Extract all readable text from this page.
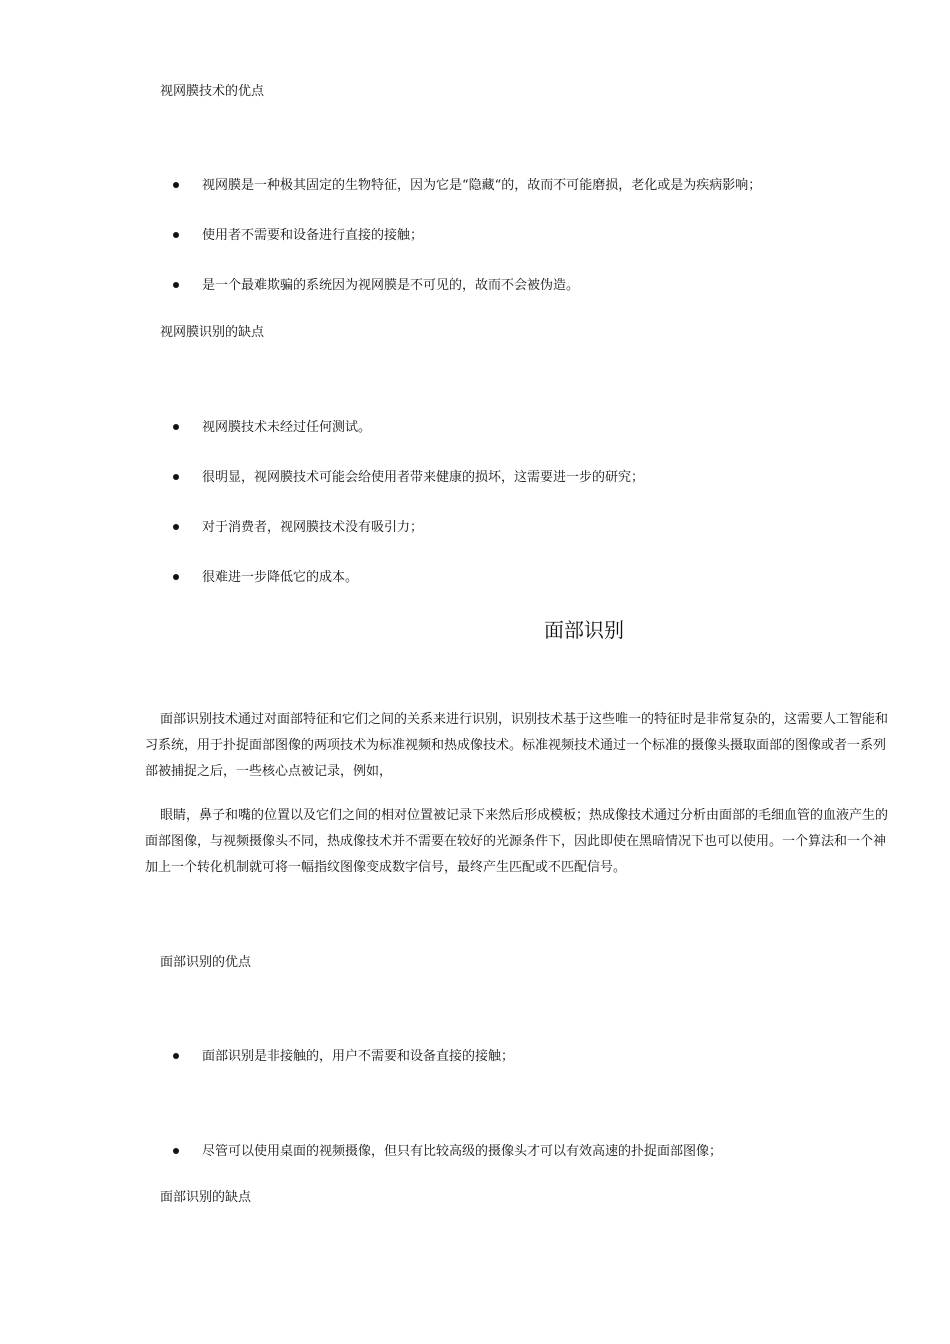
视网膜技术的优点
视网膜是一种极其固定的生物特征，因为它是“隐藏“的，故而不可能磨损，老化或是为疾病影响；
使用者不需要和设备进行直接的接触；
是一个最难欺骗的系统因为视网膜是不可见的，故而不会被伪造。
视网膜识别的缺点
视网膜技术未经过任何测试。
很明显，视网膜技术可能会给使用者带来健康的损坏，这需要进一步的研究；
对于消费者，视网膜技术没有吸引力；
很难进一步降低它的成本。
面部识别
面部识别技术通过对面部特征和它们之间的关系来进行识别，识别技术基于这些唯一的特征时是非常复杂的，这需要人工智能和
习系统，用于扑捉面部图像的两项技术为标准视频和热成像技术。标准视频技术通过一个标准的摄像头摄取面部的图像或者一系列
部被捕捉之后，一些核心点被记录，例如，
眼睛，鼻子和嘴的位置以及它们之间的相对位置被记录下来然后形成模板；热成像技术通过分析由面部的毛细血管的血液产生的
面部图像，与视频摄像头不同，热成像技术并不需要在较好的光源条件下，因此即使在黑暗情况下也可以使用。一个算法和一个神
加上一个转化机制就可将一幅指纹图像变成数字信号，最终产生匹配或不匹配信号。
面部识别的优点
面部识别是非接触的，用户不需要和设备直接的接触；
尽管可以使用桌面的视频摄像，但只有比较高级的摄像头才可以有效高速的扑捉面部图像；
面部识别的缺点
